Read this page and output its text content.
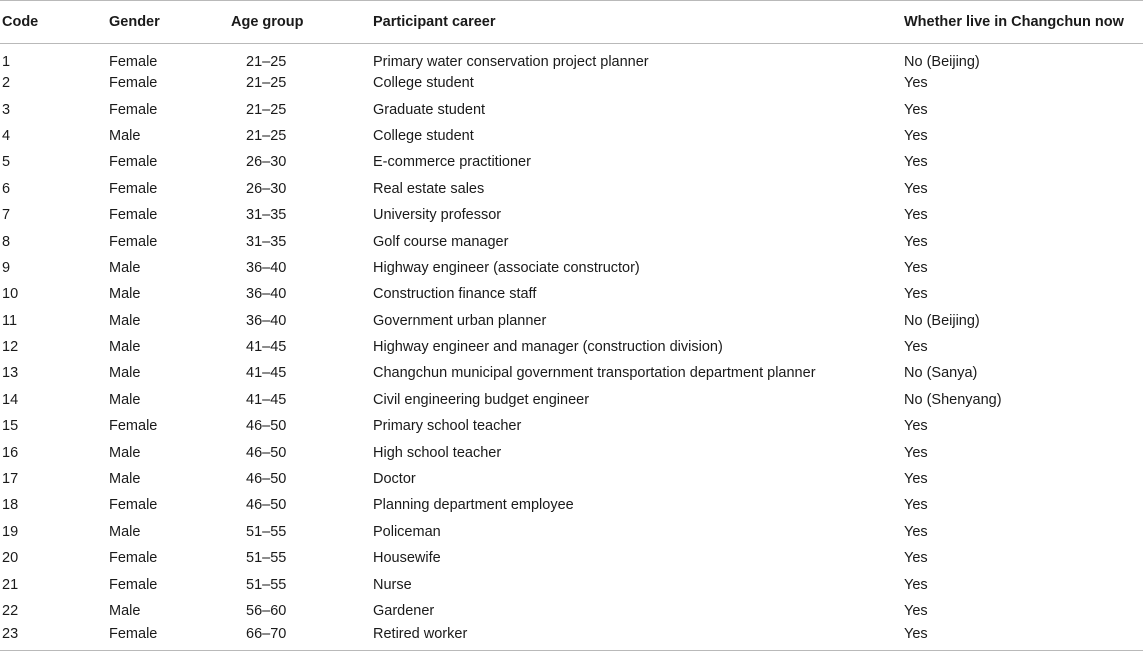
Code	Gender	Age group	Participant career	Whether live in Changchun now
1	Female	21–25	Primary water conservation project planner	No (Beijing)
2	Female	21–25	College student	Yes
3	Female	21–25	Graduate student	Yes
4	Male	21–25	College student	Yes
5	Female	26–30	E-commerce practitioner	Yes
6	Female	26–30	Real estate sales	Yes
7	Female	31–35	University professor	Yes
8	Female	31–35	Golf course manager	Yes
9	Male	36–40	Highway engineer (associate constructor)	Yes
10	Male	36–40	Construction finance staff	Yes
11	Male	36–40	Government urban planner	No (Beijing)
12	Male	41–45	Highway engineer and manager (construction division)	Yes
13	Male	41–45	Changchun municipal government transportation department planner	No (Sanya)
14	Male	41–45	Civil engineering budget engineer	No (Shenyang)
15	Female	46–50	Primary school teacher	Yes
16	Male	46–50	High school teacher	Yes
17	Male	46–50	Doctor	Yes
18	Female	46–50	Planning department employee	Yes
19	Male	51–55	Policeman	Yes
20	Female	51–55	Housewife	Yes
21	Female	51–55	Nurse	Yes
22	Male	56–60	Gardener	Yes
23	Female	66–70	Retired worker	Yes
